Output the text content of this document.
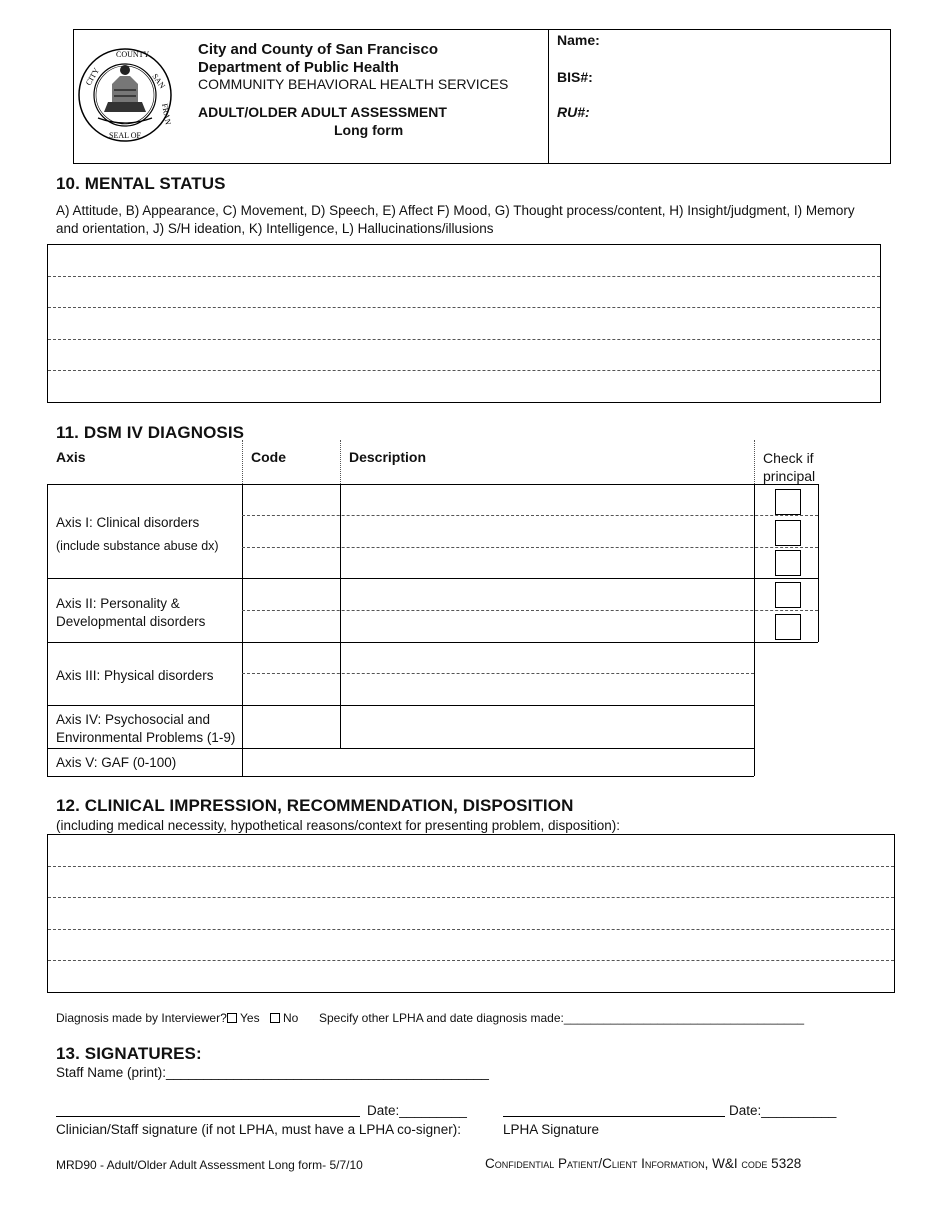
CITY
COUNTY
SAN
FRAN
SEAL OF
City and County of San Francisco
Department of Public Health
COMMUNITY BEHAVIORAL HEALTH SERVICES
ADULT/OLDER ADULT ASSESSMENT
Long form
Name:
BIS#:
RU#:
10. MENTAL STATUS
A) Attitude, B) Appearance, C) Movement, D) Speech, E) Affect F) Mood, G) Thought process/content, H) Insight/judgment, I) Memory and orientation, J) S/H ideation, K) Intelligence, L) Hallucinations/illusions
11. DSM IV DIAGNOSIS
Axis	Code	Description	Check if principal
Axis I: Clinical disorders
(include substance abuse dx)
Axis II: Personality & Developmental disorders
Axis III: Physical disorders
Axis IV: Psychosocial and Environmental Problems (1-9)
Axis V: GAF (0-100)
12. CLINICAL IMPRESSION, RECOMMENDATION, DISPOSITION
(including medical necessity, hypothetical reasons/context for presenting problem, disposition):
Diagnosis made by Interviewer?	Yes	No Specify other LPHA and date diagnosis made:____________________________________
13. SIGNATURES:
Staff Name (print):___________________________________________
Date:_________	Date:__________
Clinician/Staff signature (if not LPHA, must have a LPHA co-signer):	LPHA Signature
MRD90 - Adult/Older Adult Assessment Long form- 5/7/10	Confidential Patient/Client Information, W&I code 5328
